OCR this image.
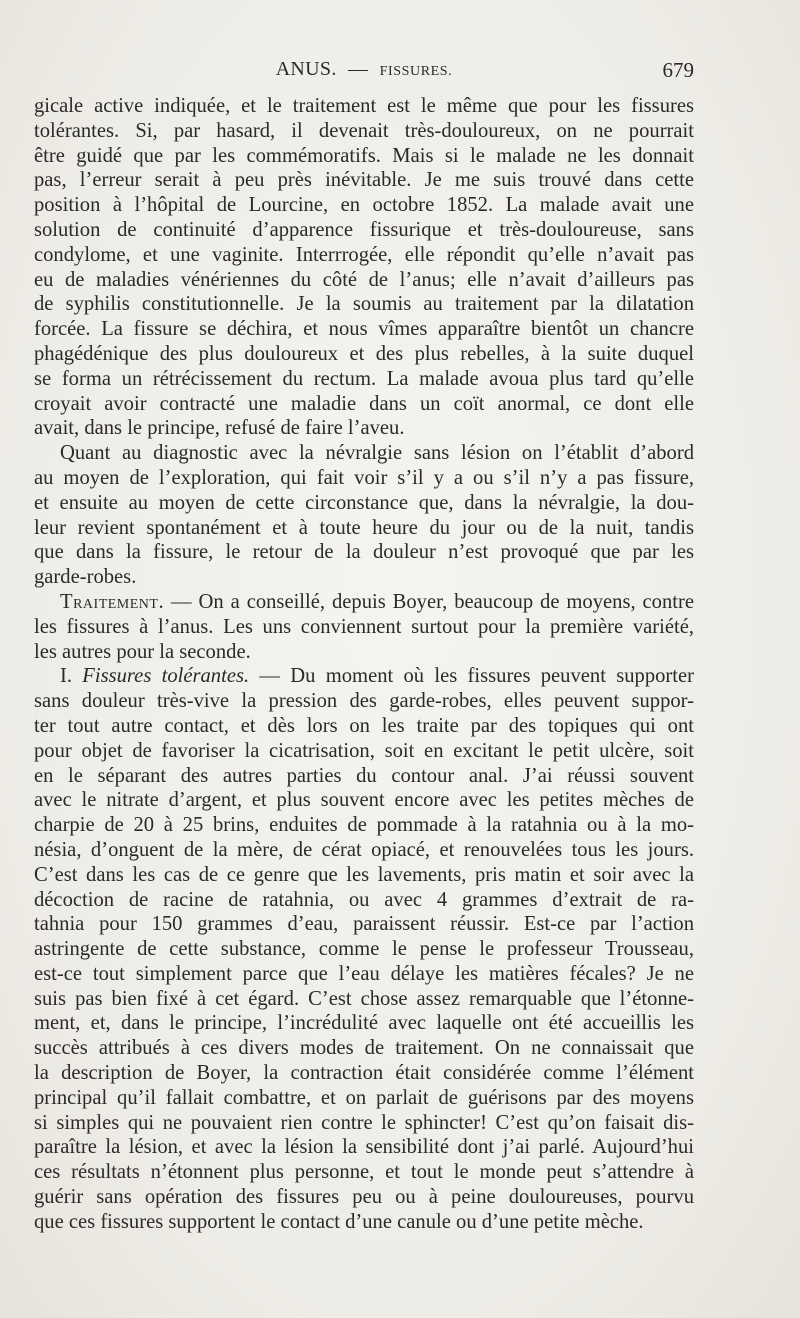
ANUS. — FISSURES.	679
gicale active indiquée, et le traitement est le même que pour les fissures
tolérantes. Si, par hasard, il devenait très-douloureux, on ne pourrait
être guidé que par les commémoratifs. Mais si le malade ne les donnait
pas, l’erreur serait à peu près inévitable. Je me suis trouvé dans cette
position à l’hôpital de Lourcine, en octobre 1852. La malade avait une
solution de continuité d’apparence fissurique et très-douloureuse, sans
condylome, et une vaginite. Interrrogée, elle répondit qu’elle n’avait pas
eu de maladies vénériennes du côté de l’anus; elle n’avait d’ailleurs pas
de syphilis constitutionnelle. Je la soumis au traitement par la dilatation
forcée. La fissure se déchira, et nous vîmes apparaître bientôt un chancre
phagédénique des plus douloureux et des plus rebelles, à la suite duquel
se forma un rétrécissement du rectum. La malade avoua plus tard qu’elle
croyait avoir contracté une maladie dans un coït anormal, ce dont elle
avait, dans le principe, refusé de faire l’aveu.
Quant au diagnostic avec la névralgie sans lésion on l’établit d’abord
au moyen de l’exploration, qui fait voir s’il y a ou s’il n’y a pas fissure,
et ensuite au moyen de cette circonstance que, dans la névralgie, la dou-
leur revient spontanément et à toute heure du jour ou de la nuit, tandis
que dans la fissure, le retour de la douleur n’est provoqué que par les
garde-robes.
Traitement. — On a conseillé, depuis Boyer, beaucoup de moyens, contre
les fissures à l’anus. Les uns conviennent surtout pour la première variété,
les autres pour la seconde.
I. Fissures tolérantes. — Du moment où les fissures peuvent supporter
sans douleur très-vive la pression des garde-robes, elles peuvent suppor-
ter tout autre contact, et dès lors on les traite par des topiques qui ont
pour objet de favoriser la cicatrisation, soit en excitant le petit ulcère, soit
en le séparant des autres parties du contour anal. J’ai réussi souvent
avec le nitrate d’argent, et plus souvent encore avec les petites mèches de
charpie de 20 à 25 brins, enduites de pommade à la ratahnia ou à la mo-
nésia, d’onguent de la mère, de cérat opiacé, et renouvelées tous les jours.
C’est dans les cas de ce genre que les lavements, pris matin et soir avec la
décoction de racine de ratahnia, ou avec 4 grammes d’extrait de ra-
tahnia pour 150 grammes d’eau, paraissent réussir. Est-ce par l’action
astringente de cette substance, comme le pense le professeur Trousseau,
est-ce tout simplement parce que l’eau délaye les matières fécales? Je ne
suis pas bien fixé à cet égard. C’est chose assez remarquable que l’étonne-
ment, et, dans le principe, l’incrédulité avec laquelle ont été accueillis les
succès attribués à ces divers modes de traitement. On ne connaissait que
la description de Boyer, la contraction était considérée comme l’élément
principal qu’il fallait combattre, et on parlait de guérisons par des moyens
si simples qui ne pouvaient rien contre le sphincter! C’est qu’on faisait dis-
paraître la lésion, et avec la lésion la sensibilité dont j’ai parlé. Aujourd’hui
ces résultats n’étonnent plus personne, et tout le monde peut s’attendre à
guérir sans opération des fissures peu ou à peine douloureuses, pourvu
que ces fissures supportent le contact d’une canule ou d’une petite mèche.
